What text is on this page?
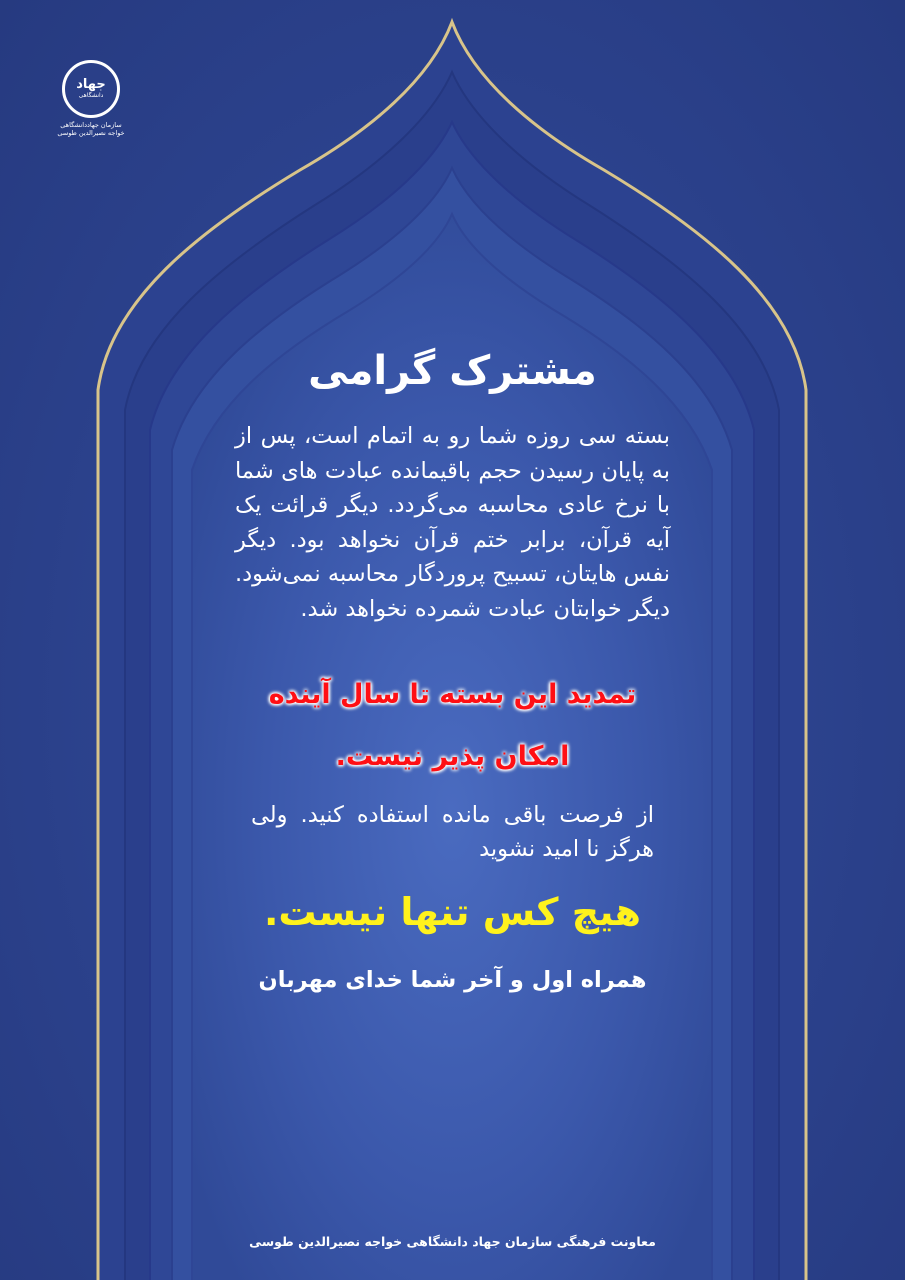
جهاد
دانشگاهی
سازمان جهاددانشگاهی
خواجه نصیرالدین طوسی
مشترک گرامی

بسته سی روزه شما رو به اتمام است، پس از به پایان رسیدن حجم باقیمانده عبادت های شما با نرخ عادی محاسبه می‌گردد. دیگر قرائت یک آیه قرآن، برابر ختم قرآن نخواهد بود. دیگر نفس هایتان، تسبیح پروردگار محاسبه نمی‌شود. دیگر خوابتان عبادت شمرده نخواهد شد.

تمدید این بسته تا سال آینده
امکان پذیر نیست.
از فرصت باقی مانده استفاده کنید. ولی هرگز نا امید نشوید
هیچ کس تنها نیست.
همراه اول و آخر شما خدای مهربان
معاونت فرهنگی سازمان جهاد دانشگاهی خواجه نصیرالدین طوسی
